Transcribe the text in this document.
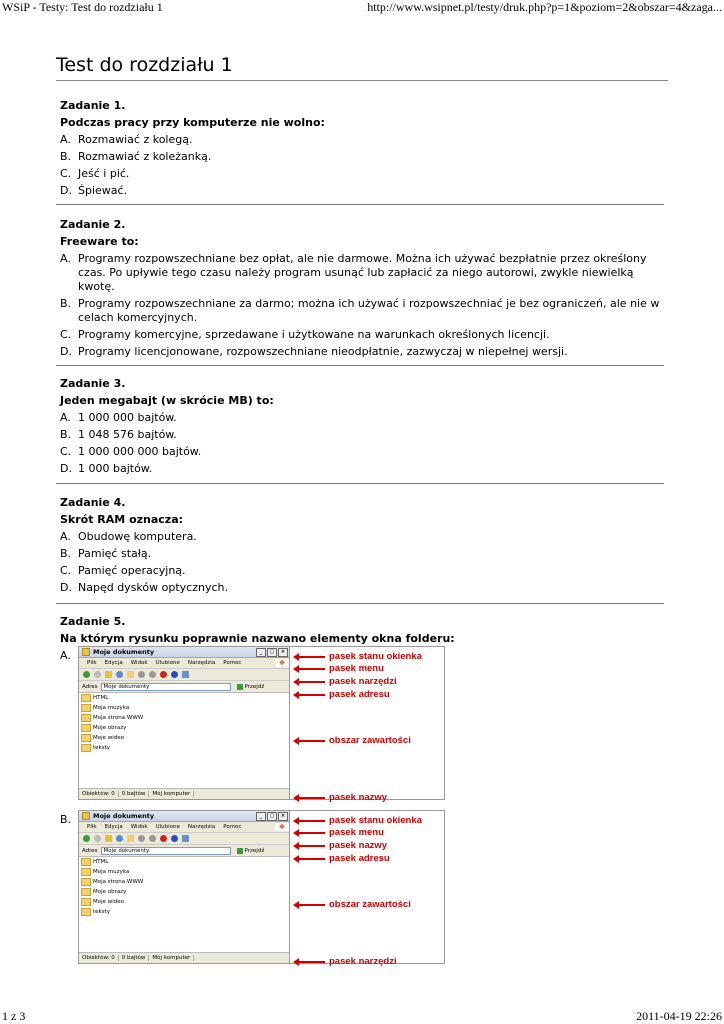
WSiP - Testy: Test do rozdziału 1	http://www.wsipnet.pl/testy/druk.php?p=1&poziom=2&obszar=4&zaga...
Test do rozdziału 1
Zadanie 1.
Podczas pracy przy komputerze nie wolno:
A. Rozmawiać z kolegą.
B. Rozmawiać z koleżanką.
C. Jeść i pić.
D. Śpiewać.
Zadanie 2.
Freeware to:
A. Programy rozpowszechniane bez opłat, ale nie darmowe. Można ich używać bezpłatnie przez określony czas. Po upływie tego czasu należy program usunąć lub zapłacić za niego autorowi, zwykle niewielką kwotę.
B. Programy rozpowszechniane za darmo; można ich używać i rozpowszechniać je bez ograniczeń, ale nie w celach komercyjnych.
C. Programy komercyjne, sprzedawane i użytkowane na warunkach określonych licencji.
D. Programy licencjonowane, rozpowszechniane nieodpłatnie, zazwyczaj w niepełnej wersji.
Zadanie 3.
Jeden megabajt (w skrócie MB) to:
A. 1 000 000 bajtów.
B. 1 048 576 bajtów.
C. 1 000 000 000 bajtów.
D. 1 000 bajtów.
Zadanie 4.
Skrót RAM oznacza:
A. Obudowę komputera.
B. Pamięć stałą.
C. Pamięć operacyjną.
D. Napęd dysków optycznych.
Zadanie 5.
Na którym rysunku poprawnie nazwano elementy okna folderu:
A.
B.
Moje dokumenty	_	□	×
Plik Edycja Widok Ulubione Narzędzia Pomoc	❖
Adres Moje dokumenty	Przejdź
HTML
Moja muzyka
Moja strona WWW
Moje obrazy
Moje wideo
teksty
Obiektów: 0	0 bajtów	Mój komputer
pasek stanu okienka
pasek menu
pasek narzędzi
pasek adresu
obszar zawartości
pasek nazwy
Moje dokumenty	_	□	×
Plik Edycja Widok Ulubione Narzędzia Pomoc	❖
Adres Moje dokumenty	Przejdź
HTML
Moja muzyka
Moja strona WWW
Moje obrazy
Moje wideo
teksty
Obiektów: 0	0 bajtów	Mój komputer
pasek stanu okienka
pasek menu
pasek nazwy
pasek adresu
obszar zawartości
pasek narzędzi
1 z 3	2011-04-19 22:26
